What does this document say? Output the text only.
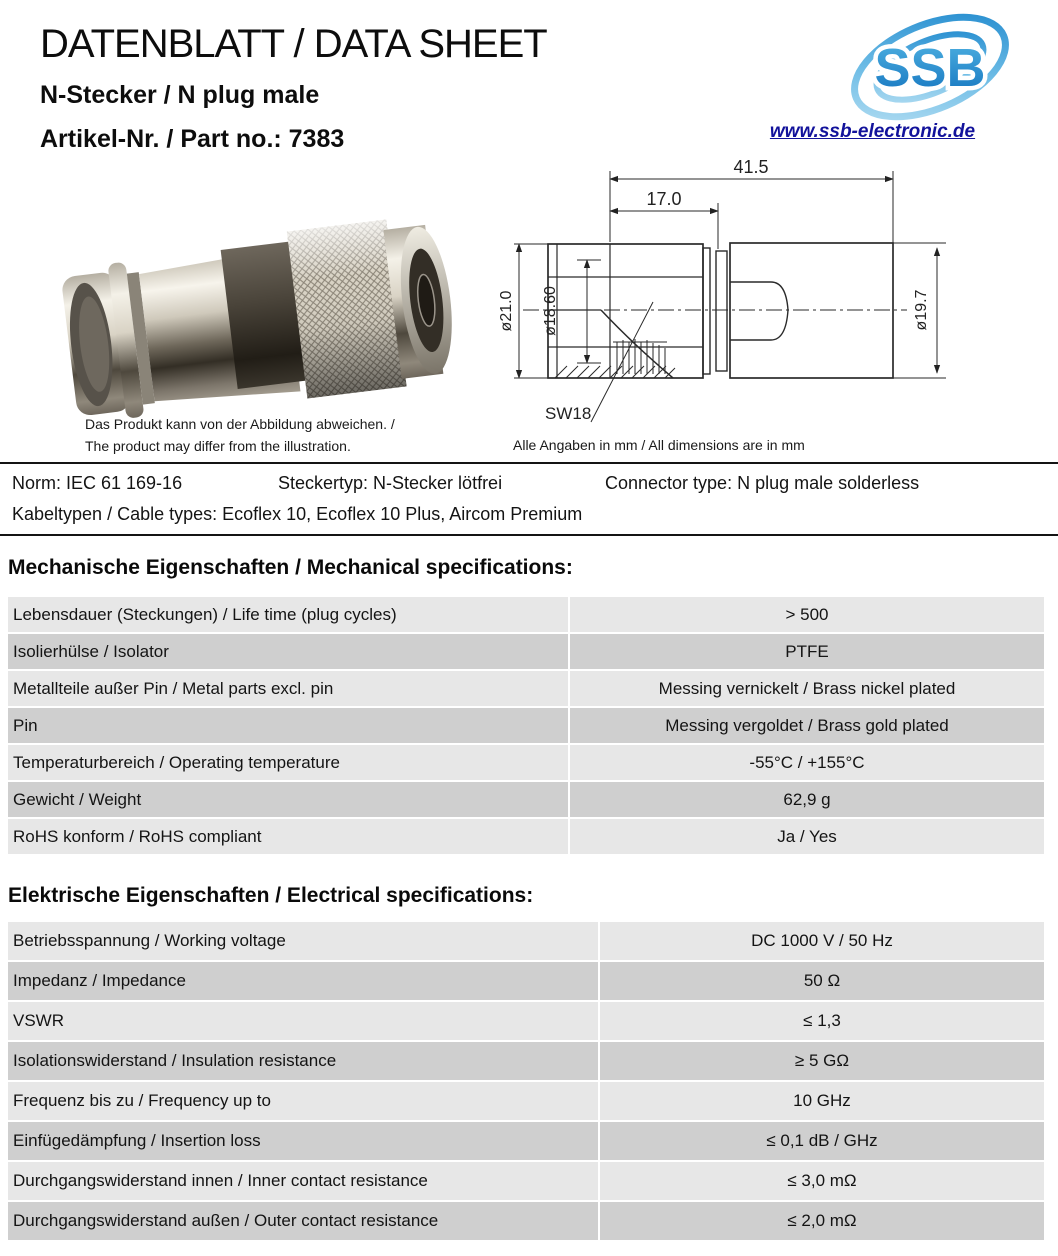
DATENBLATT / DATA SHEET
N-Stecker / N plug male
Artikel-Nr. / Part no.: 7383
SSB
www.ssb-electronic.de
Das Produkt kann von der Abbildung abweichen. /
The product may differ from the illustration.
41.5
17.0
ø21.0 ø18.60	ø19.7
SW18
Alle Angaben in mm / All dimensions are in mm
Norm: IEC 61 169-16	Steckertyp: N-Stecker lötfrei	Connector type: N plug male solderless
Kabeltypen / Cable types: Ecoflex 10, Ecoflex 10 Plus, Aircom Premium
Mechanische Eigenschaften / Mechanical specifications:
Lebensdauer (Steckungen) / Life time (plug cycles)	> 500
Isolierhülse / Isolator	PTFE
Metallteile außer Pin / Metal parts excl. pin	Messing vernickelt / Brass nickel plated
Pin	Messing vergoldet / Brass gold plated
Temperaturbereich / Operating temperature	-55°C / +155°C
Gewicht / Weight	62,9 g
RoHS konform / RoHS compliant	Ja / Yes
Elektrische Eigenschaften / Electrical specifications:
Betriebsspannung / Working voltage	DC 1000 V / 50 Hz
Impedanz / Impedance	50 Ω
VSWR	≤ 1,3
Isolationswiderstand / Insulation resistance	≥ 5 GΩ
Frequenz bis zu / Frequency up to	10 GHz
Einfügedämpfung / Insertion loss	≤ 0,1 dB / GHz
Durchgangswiderstand innen / Inner contact resistance	≤ 3,0 mΩ
Durchgangswiderstand außen / Outer contact resistance	≤ 2,0 mΩ
